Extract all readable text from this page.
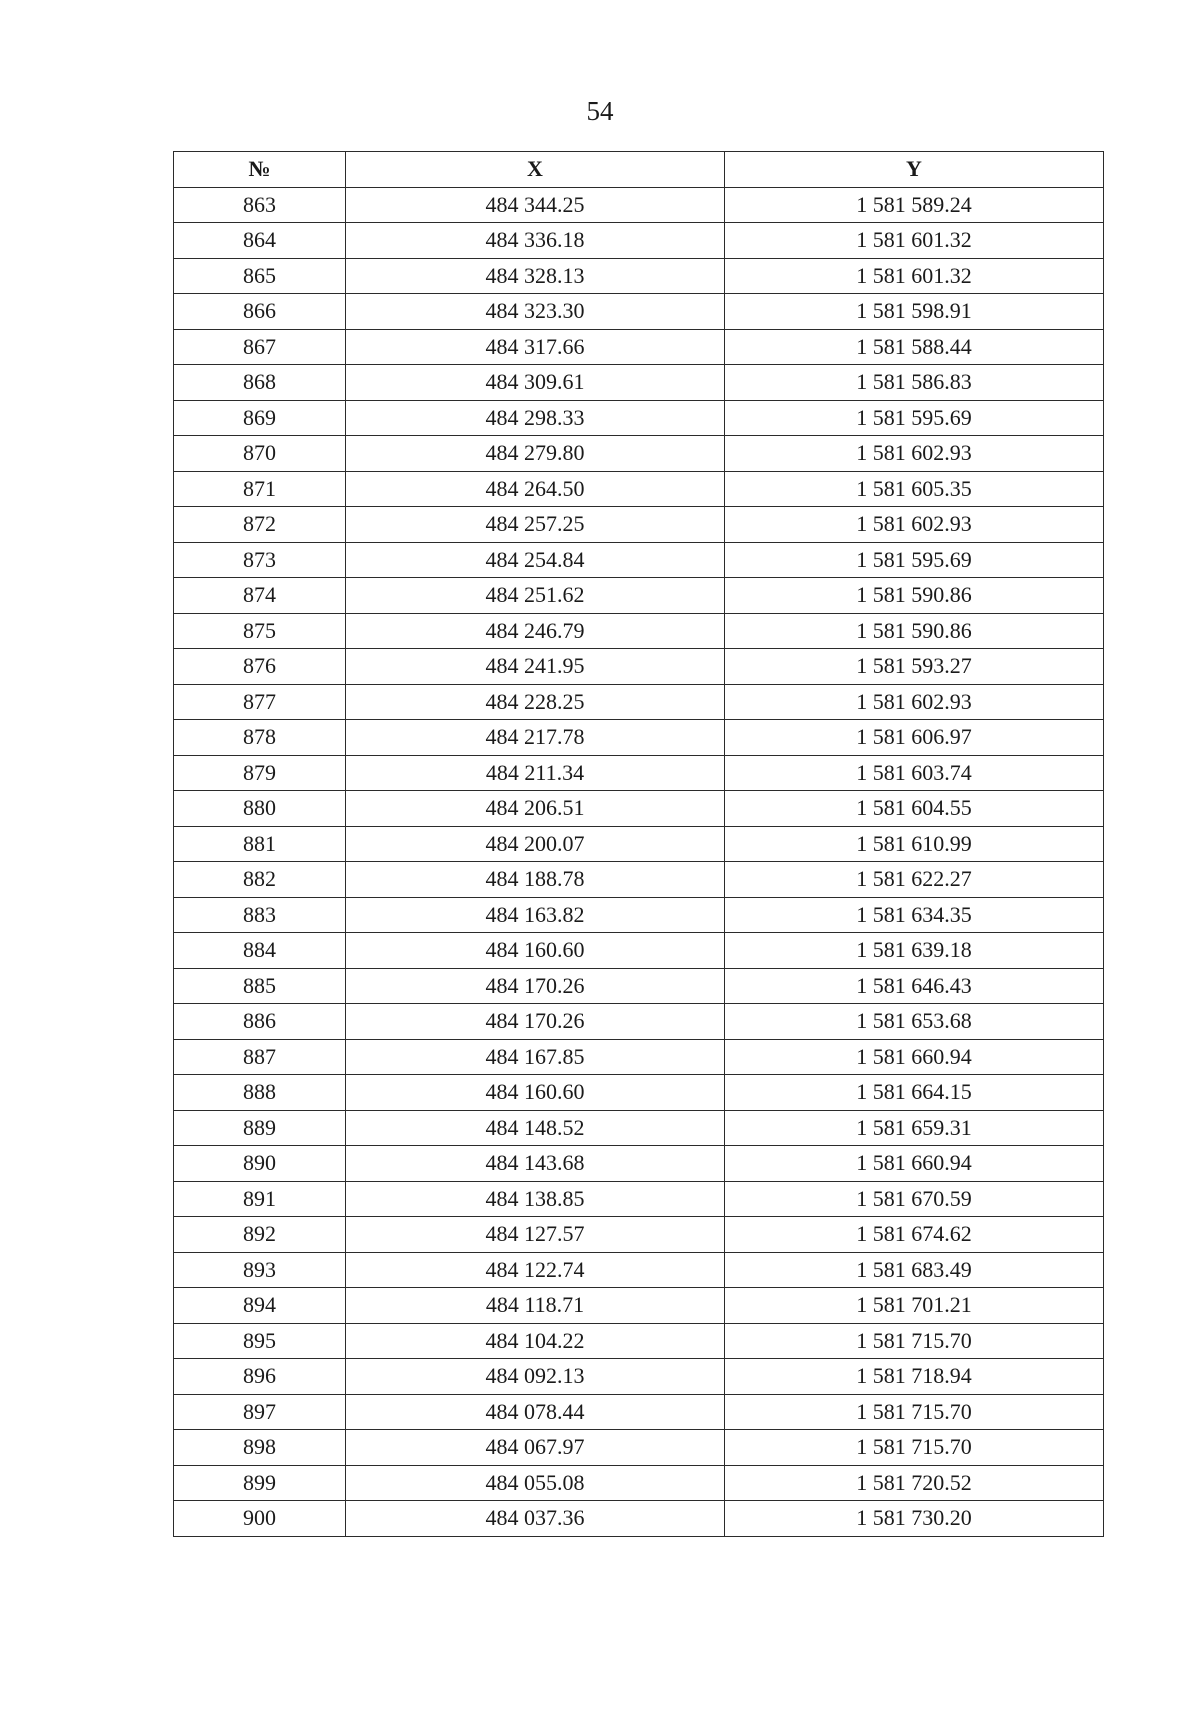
54
№	X	Y
863	484 344.25	1 581 589.24
864	484 336.18	1 581 601.32
865	484 328.13	1 581 601.32
866	484 323.30	1 581 598.91
867	484 317.66	1 581 588.44
868	484 309.61	1 581 586.83
869	484 298.33	1 581 595.69
870	484 279.80	1 581 602.93
871	484 264.50	1 581 605.35
872	484 257.25	1 581 602.93
873	484 254.84	1 581 595.69
874	484 251.62	1 581 590.86
875	484 246.79	1 581 590.86
876	484 241.95	1 581 593.27
877	484 228.25	1 581 602.93
878	484 217.78	1 581 606.97
879	484 211.34	1 581 603.74
880	484 206.51	1 581 604.55
881	484 200.07	1 581 610.99
882	484 188.78	1 581 622.27
883	484 163.82	1 581 634.35
884	484 160.60	1 581 639.18
885	484 170.26	1 581 646.43
886	484 170.26	1 581 653.68
887	484 167.85	1 581 660.94
888	484 160.60	1 581 664.15
889	484 148.52	1 581 659.31
890	484 143.68	1 581 660.94
891	484 138.85	1 581 670.59
892	484 127.57	1 581 674.62
893	484 122.74	1 581 683.49
894	484 118.71	1 581 701.21
895	484 104.22	1 581 715.70
896	484 092.13	1 581 718.94
897	484 078.44	1 581 715.70
898	484 067.97	1 581 715.70
899	484 055.08	1 581 720.52
900	484 037.36	1 581 730.20
